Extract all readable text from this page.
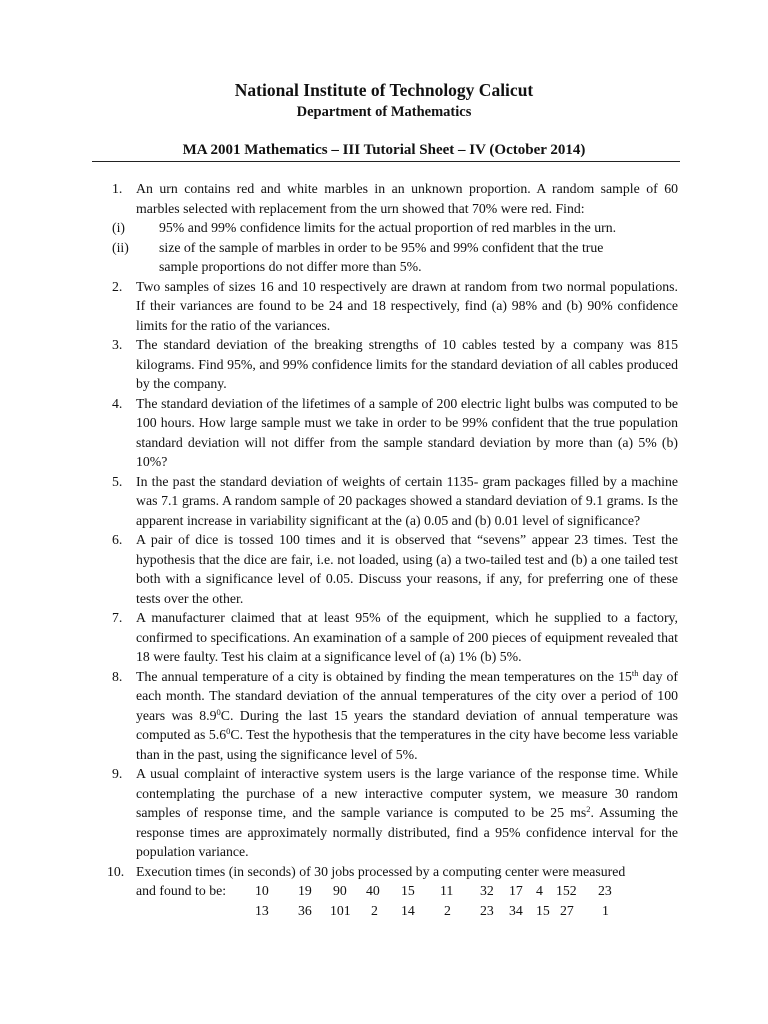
National Institute of Technology Calicut
Department of Mathematics
MA 2001 Mathematics – III Tutorial Sheet – IV (October 2014)
1. An urn contains red and white marbles in an unknown proportion. A random sample of 60 marbles selected with replacement from the urn showed that 70% were red. Find:
(i) 95% and 99% confidence limits for the actual proportion of red marbles in the urn.
(ii) size of the sample of marbles in order to be 95% and 99% confident that the true
sample proportions do not differ more than 5%.
2. Two samples of sizes 16 and 10 respectively are drawn at random from two normal populations. If their variances are found to be 24 and 18 respectively, find (a) 98% and (b) 90% confidence limits for the ratio of the variances.
3. The standard deviation of the breaking strengths of 10 cables tested by a company was 815 kilograms. Find 95%, and 99% confidence limits for the standard deviation of all cables produced by the company.
4. The standard deviation of the lifetimes of a sample of 200 electric light bulbs was computed to be 100 hours. How large sample must we take in order to be 99% confident that the true population standard deviation will not differ from the sample standard deviation by more than (a) 5% (b) 10%?
5. In the past the standard deviation of weights of certain 1135- gram packages filled by a machine was 7.1 grams. A random sample of 20 packages showed a standard deviation of 9.1 grams. Is the apparent increase in variability significant at the (a) 0.05 and (b) 0.01 level of significance?
6. A pair of dice is tossed 100 times and it is observed that “sevens” appear 23 times. Test the hypothesis that the dice are fair, i.e. not loaded, using (a) a two-tailed test and (b) a one tailed test both with a significance level of 0.05. Discuss your reasons, if any, for preferring one of these tests over the other.
7. A manufacturer claimed that at least 95% of the equipment, which he supplied to a factory, confirmed to specifications. An examination of a sample of 200 pieces of equipment revealed that 18 were faulty. Test his claim at a significance level of (a) 1% (b) 5%.
8. The annual temperature of a city is obtained by finding the mean temperatures on the 15th day of each month. The standard deviation of the annual temperatures of the city over a period of 100 years was $8.9^0C$. During the last 15 years the standard deviation of annual temperature was computed as $5.6^0C$. Test the hypothesis that the temperatures in the city have become less variable than in the past, using the significance level of 5%.
9. A usual complaint of interactive system users is the large variance of the response time. While contemplating the purchase of a new interactive computer system, we measure 30 random samples of response time, and the sample variance is computed to be 25 $ms^2$. Assuming the response times are approximately normally distributed, find a 95% confidence interval for the population variance.
10. Execution times (in seconds) of 30 jobs processed by a computing center were measured
and found to be: 10 19 90 40 15 11 32 17 4 152 23
13 36 101 2 14 2 23 34 15 27 1
